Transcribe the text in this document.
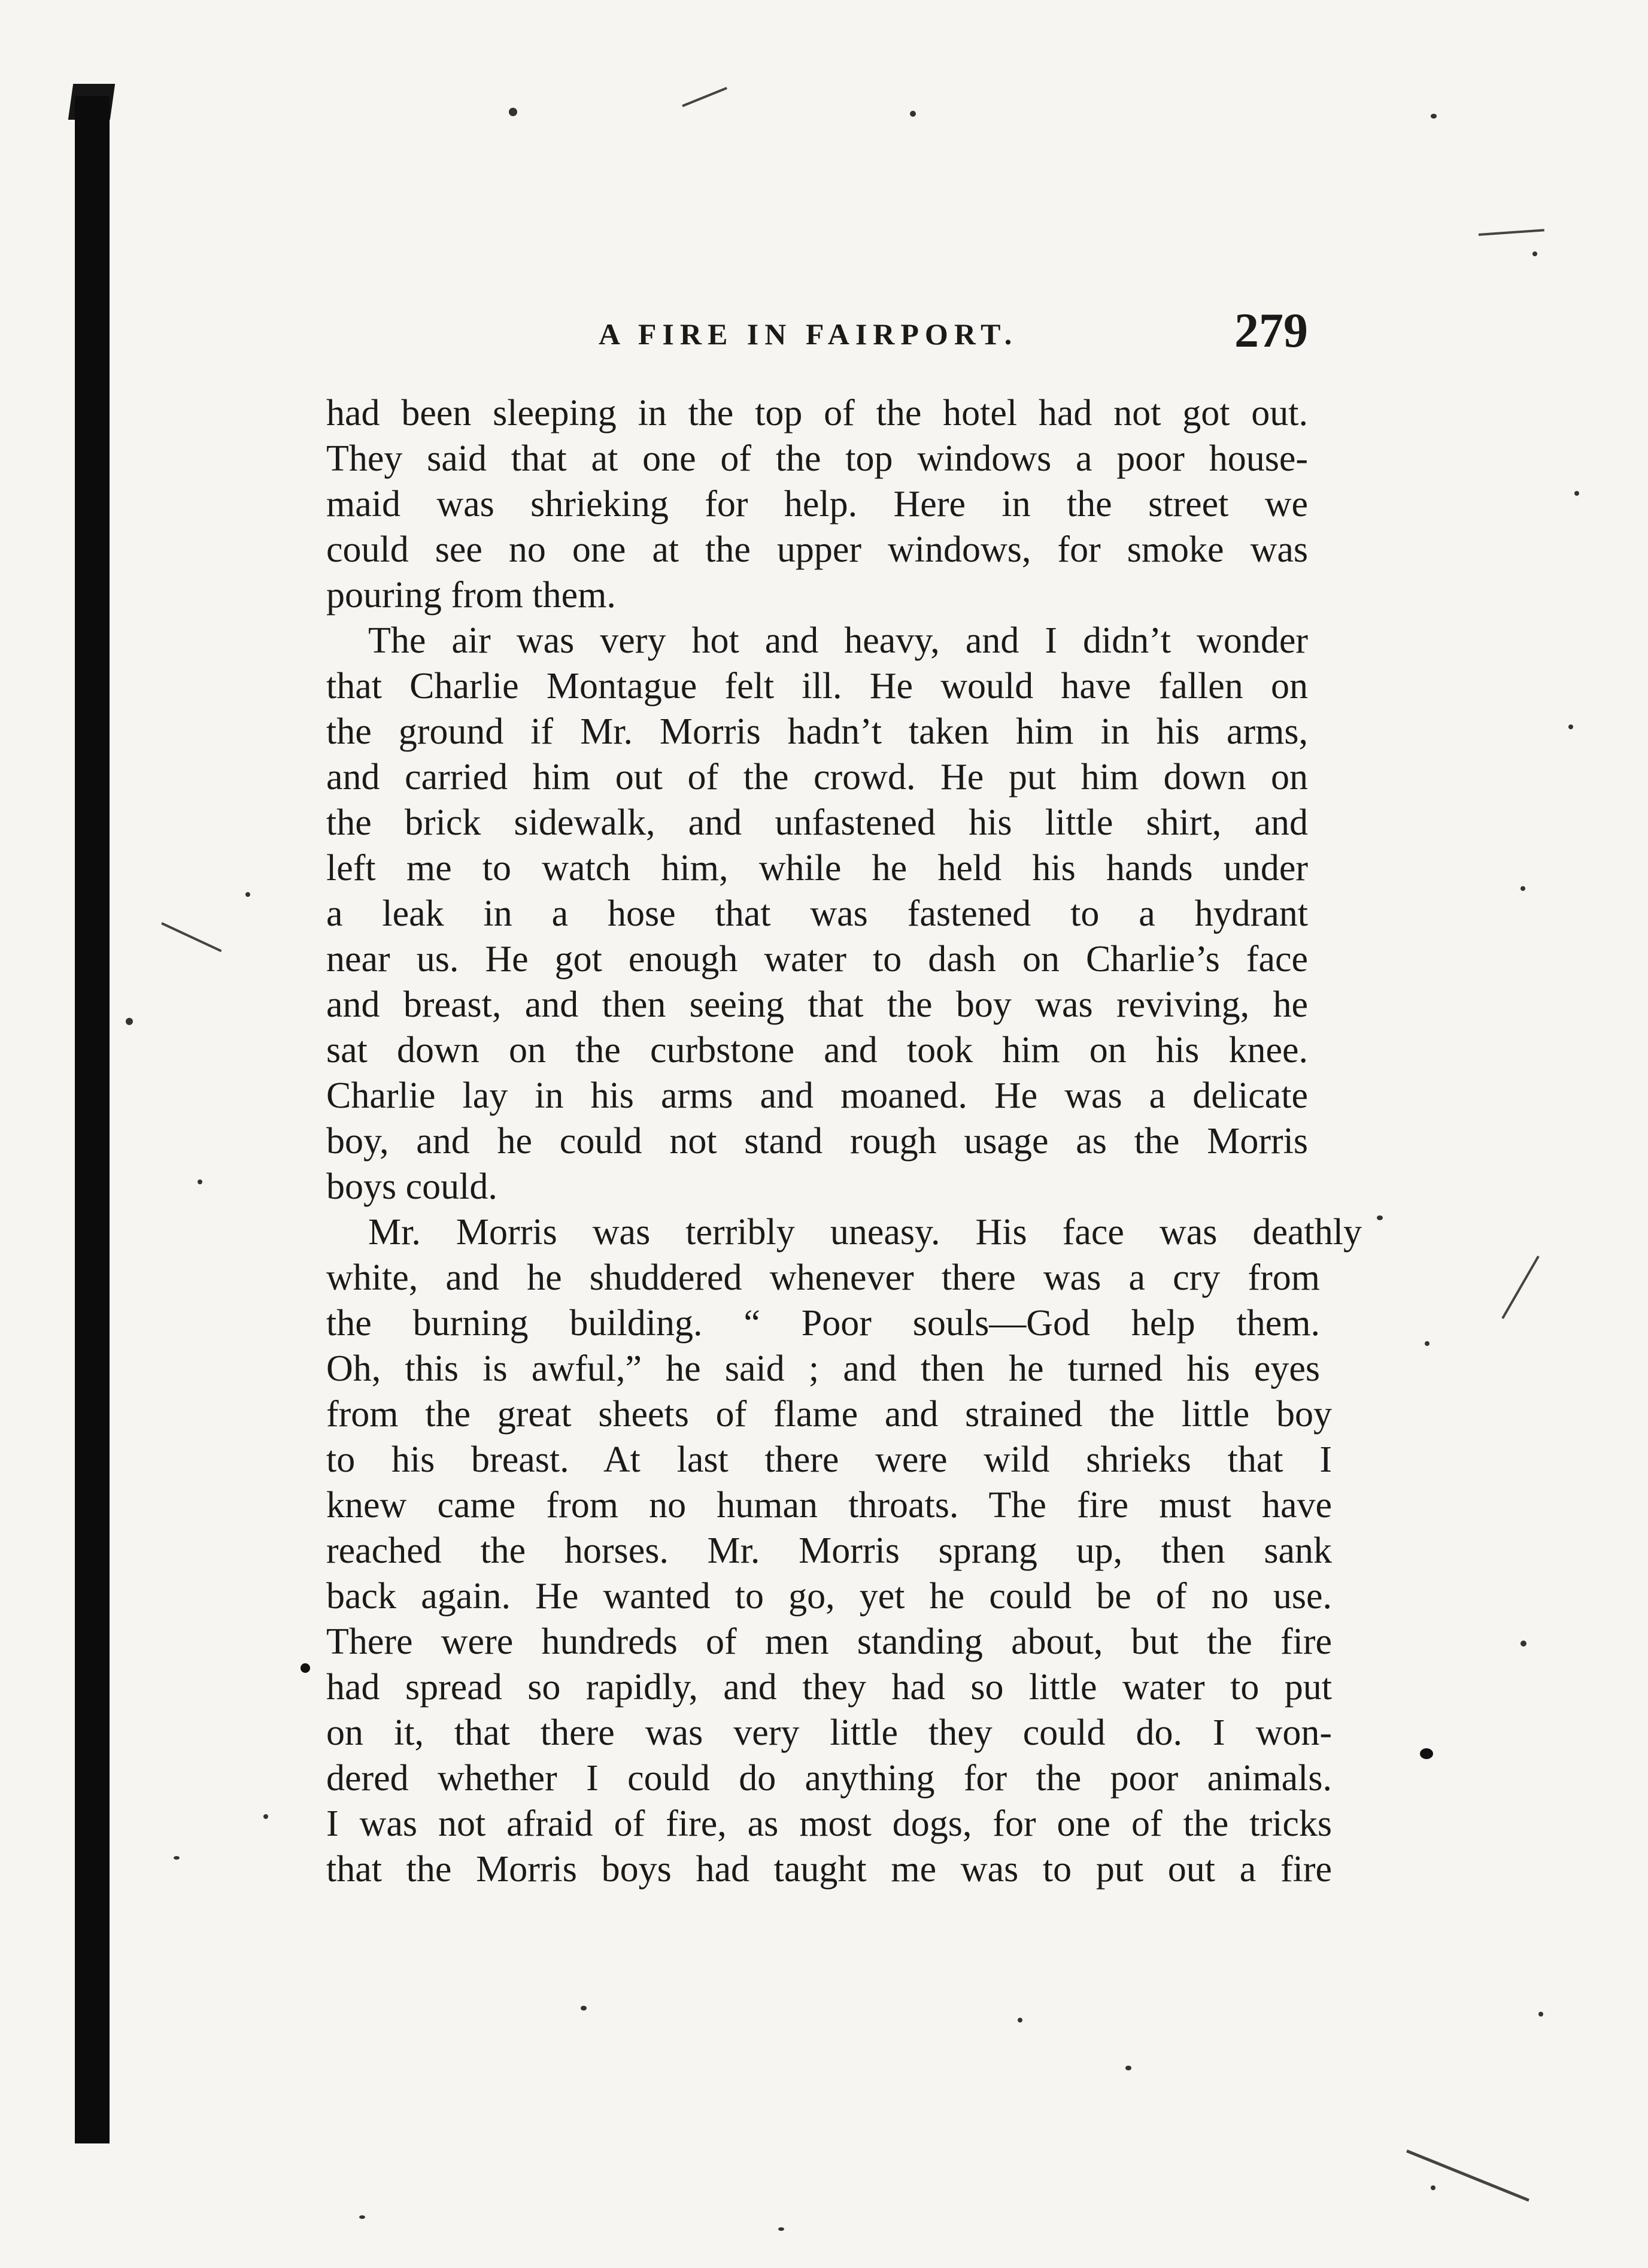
A FIRE IN FAIRPORT.	279
had been sleeping in the top of the hotel had not got out.
They said that at one of the top windows a poor house-
maid was shrieking for help. Here in the street we
could see no one at the upper windows, for smoke was
pouring from them.
The air was very hot and heavy, and I didn’t wonder
that Charlie Montague felt ill. He would have fallen on
the ground if Mr. Morris hadn’t taken him in his arms,
and carried him out of the crowd. He put him down on
the brick sidewalk, and unfastened his little shirt, and
left me to watch him, while he held his hands under
a leak in a hose that was fastened to a hydrant
near us. He got enough water to dash on Charlie’s face
and breast, and then seeing that the boy was reviving, he
sat down on the curbstone and took him on his knee.
Charlie lay in his arms and moaned. He was a delicate
boy, and he could not stand rough usage as the Morris
boys could.
Mr. Morris was terribly uneasy. His face was deathly
white, and he shuddered whenever there was a cry from
the burning building. “ Poor souls—God help them.
Oh, this is awful,” he said ; and then he turned his eyes
from the great sheets of flame and strained the little boy
to his breast. At last there were wild shrieks that I
knew came from no human throats. The fire must have
reached the horses. Mr. Morris sprang up, then sank
back again. He wanted to go, yet he could be of no use.
There were hundreds of men standing about, but the fire
had spread so rapidly, and they had so little water to put
on it, that there was very little they could do. I won-
dered whether I could do anything for the poor animals.
I was not afraid of fire, as most dogs, for one of the tricks
that the Morris boys had taught me was to put out a fire
